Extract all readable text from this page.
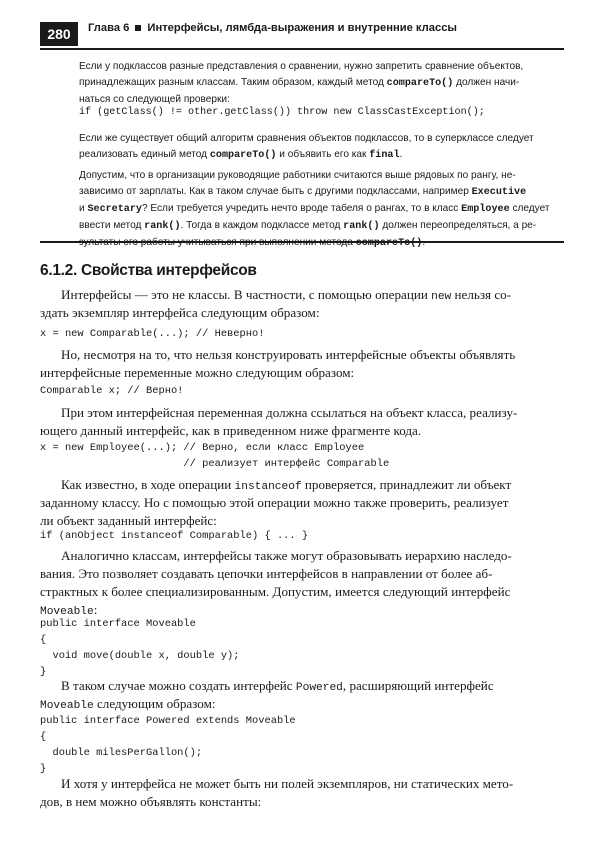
280	Глава 6 Интерфейсы, лямбда-выражения и внутренние классы

Если у подклассов разные представления о сравнении, нужно запретить сравнение объектов,
принадлежащих разным классам. Таким образом, каждый метод compareTo() должен начи-
наться со следующей проверки:

if (getClass() != other.getClass()) throw new ClassCastException();

Если же существует общий алгоритм сравнения объектов подклассов, то в суперклассе следует
реализовать единый метод compareTo() и объявить его как final.

Допустим, что в организации руководящие работники считаются выше рядовых по рангу, не-
зависимо от зарплаты. Как в таком случае быть с другими подклассами, например Executive
и Secretary? Если требуется учредить нечто вроде табеля о рангах, то в класс Employee следует
ввести метод rank(). Тогда в каждом подклассе метод rank() должен переопределяться, а ре-
зультаты его работы учитываться при выполнении метода compareTo().

6.1.2. Свойства интерфейсов

Интерфейсы — это не классы. В частности, с помощью операции new нельзя со-
здать экземпляр интерфейса следующим образом:

x = new Comparable(...); // Неверно!

Но, несмотря на то, что нельзя конструировать интерфейсные объекты объявлять
интерфейсные переменные можно следующим образом:

Comparable x; // Верно!

При этом интерфейсная переменная должна ссылаться на объект класса, реализу-
ющего данный интерфейс, как в приведенном ниже фрагменте кода.

x = new Employee(...); // Верно, если класс Employee
// реализует интерфейс Comparable

Как известно, в ходе операции instanceof проверяется, принадлежит ли объект
заданному классу. Но с помощью этой операции можно также проверить, реализует
ли объект заданный интерфейс:

if (anObject instanceof Comparable) { ... }

Аналогично классам, интерфейсы также могут образовывать иерархию наследо-
вания. Это позволяет создавать цепочки интерфейсов в направлении от более аб-
страктных к более специализированным. Допустим, имеется следующий интерфейс
Moveable:

public interface Moveable
{
void move(double x, double y);
}

В таком случае можно создать интерфейс Powered, расширяющий интерфейс
Moveable следующим образом:

public interface Powered extends Moveable
{
double milesPerGallon();
}

И хотя у интерфейса не может быть ни полей экземпляров, ни статических мето-
дов, в нем можно объявлять константы:
